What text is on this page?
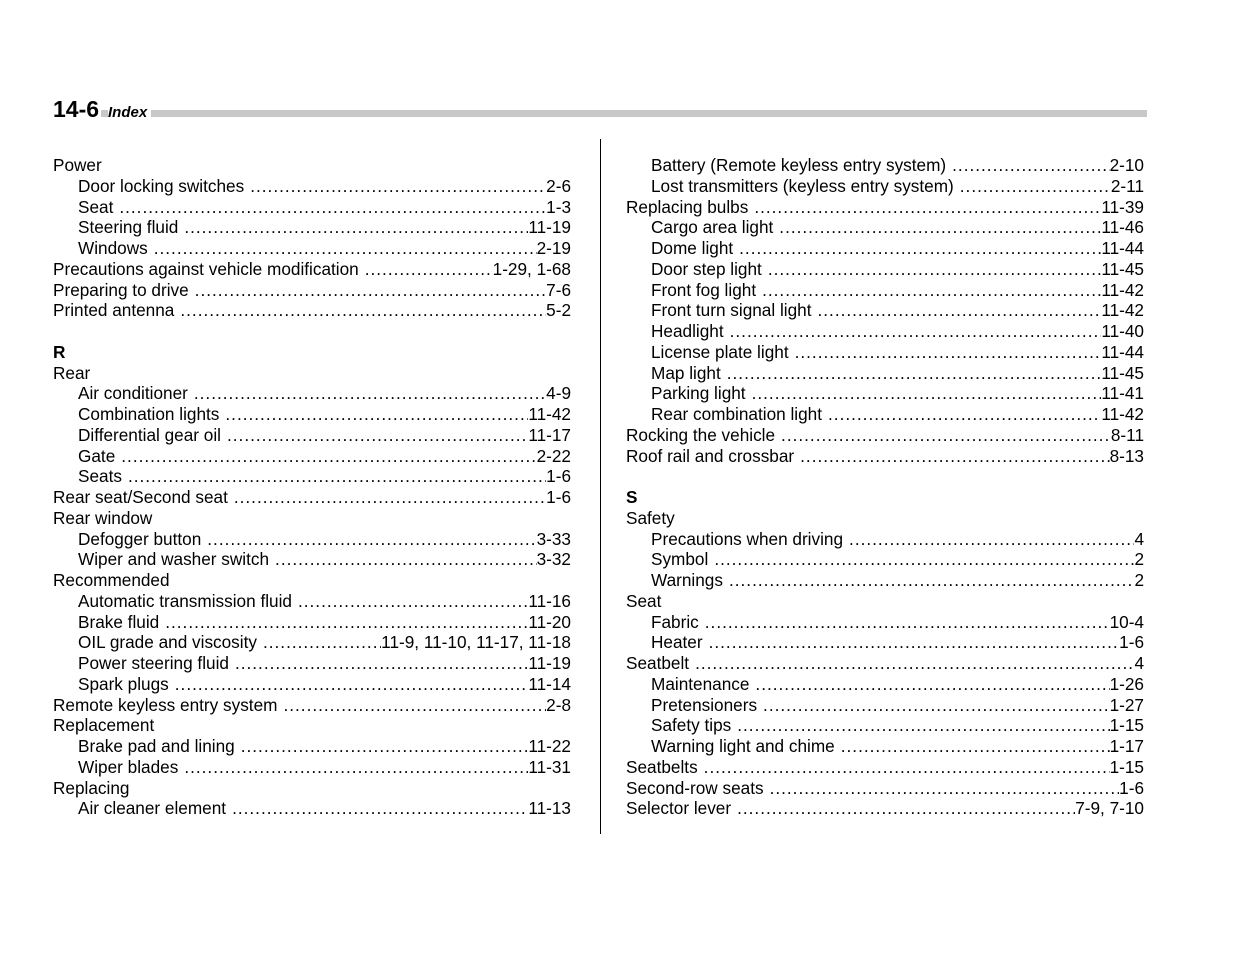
14-6 Index
Power
Door locking switches .....	2-6
Seat .....	1-3
Steering fluid .....	11-19
Windows .....	2-19
Precautions against vehicle modification .....	1-29, 1-68
Preparing to drive .....	7-6
Printed antenna .....	5-2
R
Rear
Air conditioner .....	4-9
Combination lights .....	11-42
Differential gear oil .....	11-17
Gate .....	2-22
Seats .....	1-6
Rear seat/Second seat .....	1-6
Rear window
Defogger button .....	3-33
Wiper and washer switch .....	3-32
Recommended
Automatic transmission fluid .....	11-16
Brake fluid .....	11-20
OIL grade and viscosity .....	11-9, 11-10, 11-17, 11-18
Power steering fluid .....	11-19
Spark plugs .....	11-14
Remote keyless entry system .....	2-8
Replacement
Brake pad and lining .....	11-22
Wiper blades .....	11-31
Replacing
Air cleaner element .....	11-13
Battery (Remote keyless entry system) .....	2-10
Lost transmitters (keyless entry system) .....	2-11
Replacing bulbs .....	11-39
Cargo area light .....	11-46
Dome light .....	11-44
Door step light .....	11-45
Front fog light .....	11-42
Front turn signal light .....	11-42
Headlight .....	11-40
License plate light .....	11-44
Map light .....	11-45
Parking light .....	11-41
Rear combination light .....	11-42
Rocking the vehicle .....	8-11
Roof rail and crossbar .....	8-13
S
Safety
Precautions when driving .....	4
Symbol .....	2
Warnings .....	2
Seat
Fabric .....	10-4
Heater .....	1-6
Seatbelt .....	4
Maintenance .....	1-26
Pretensioners .....	1-27
Safety tips .....	1-15
Warning light and chime .....	1-17
Seatbelts .....	1-15
Second-row seats .....	1-6
Selector lever .....	7-9, 7-10
